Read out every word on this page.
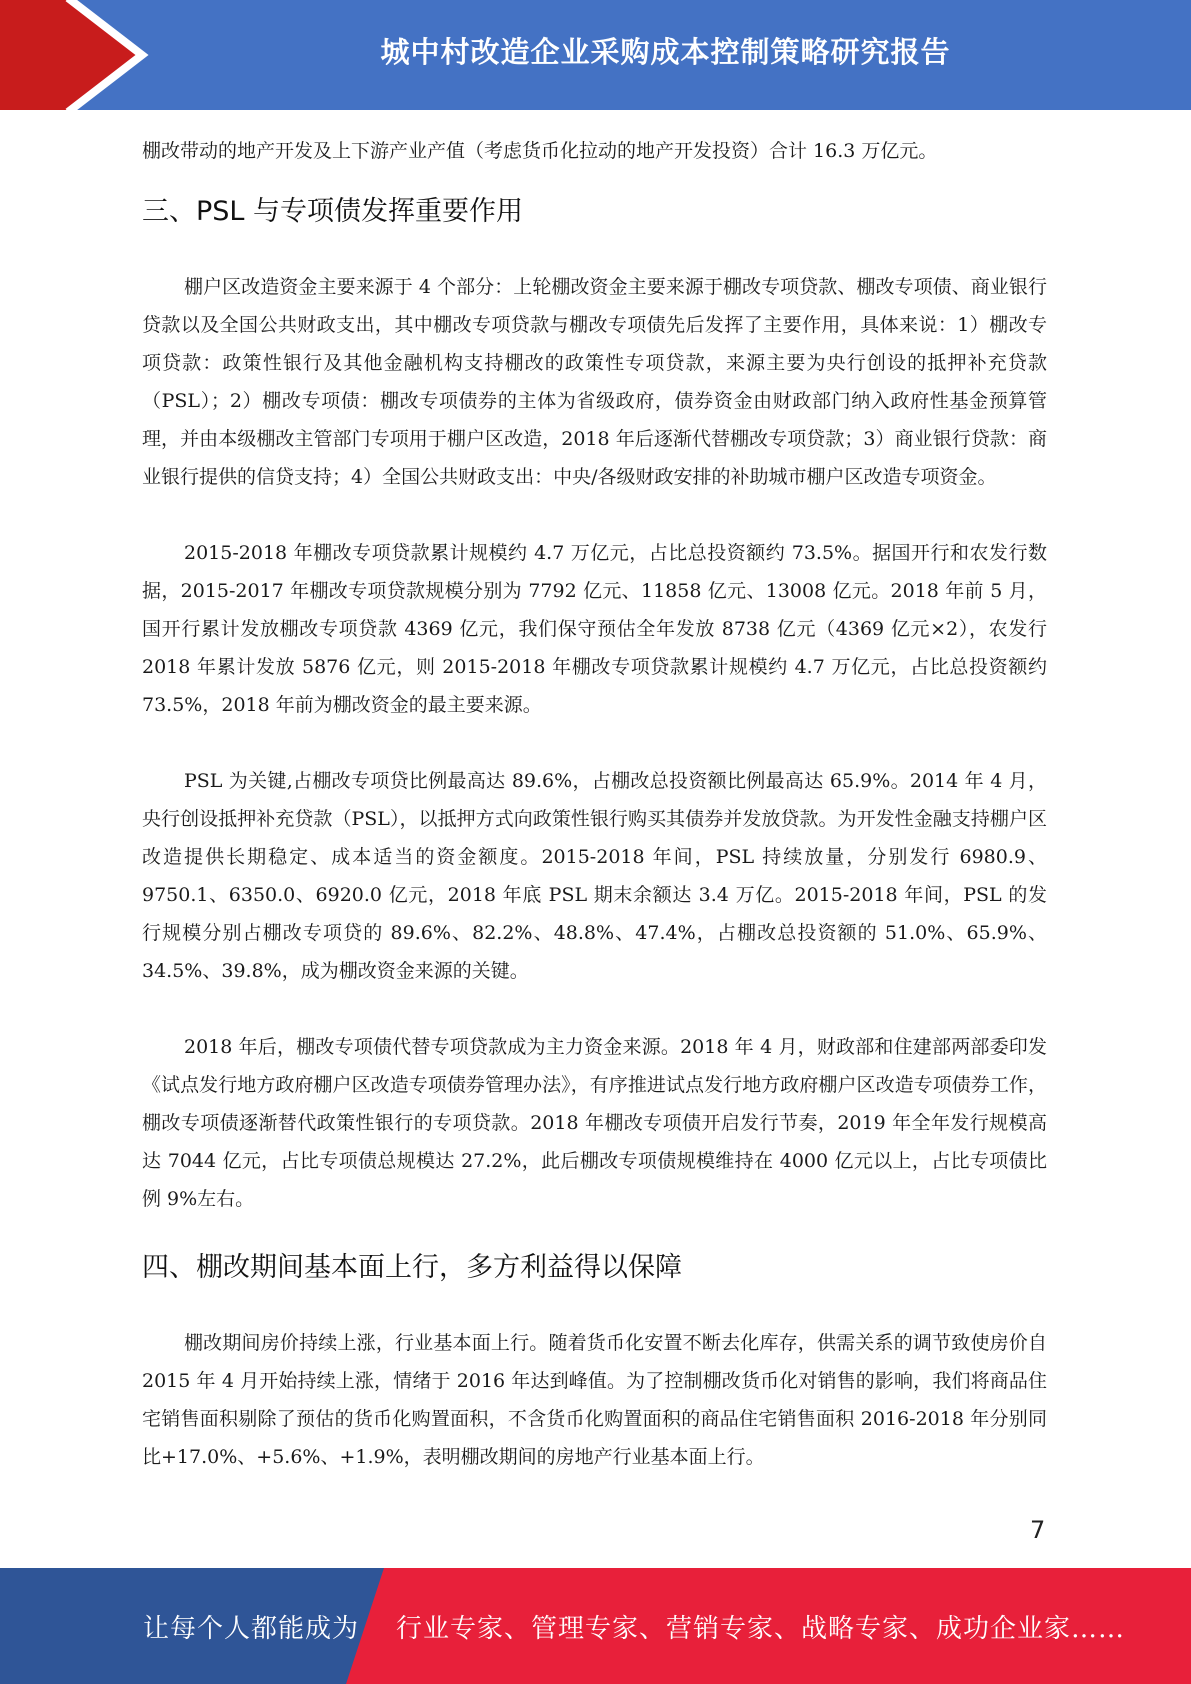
城中村改造企业采购成本控制策略研究报告

棚改带动的地产开发及上下游产业产值（考虑货币化拉动的地产开发投资）合计 16.3 万亿元。

三、PSL 与专项债发挥重要作用

棚户区改造资金主要来源于 4 个部分：上轮棚改资金主要来源于棚改专项贷款、棚改专项债、商业银行贷款以及全国公共财政支出，其中棚改专项贷款与棚改专项债先后发挥了主要作用，具体来说：1）棚改专项贷款：政策性银行及其他金融机构支持棚改的政策性专项贷款，来源主要为央行创设的抵押补充贷款（PSL）；2）棚改专项债：棚改专项债券的主体为省级政府，债券资金由财政部门纳入政府性基金预算管理，并由本级棚改主管部门专项用于棚户区改造，2018 年后逐渐代替棚改专项贷款；3）商业银行贷款：商业银行提供的信贷支持；4）全国公共财政支出：中央/各级财政安排的补助城市棚户区改造专项资金。

2015-2018 年棚改专项贷款累计规模约 4.7 万亿元，占比总投资额约 73.5%。据国开行和农发行数据，2015-2017 年棚改专项贷款规模分别为 7792 亿元、11858 亿元、13008 亿元。2018 年前 5 月，国开行累计发放棚改专项贷款 4369 亿元，我们保守预估全年发放 8738 亿元（4369 亿元×2），农发行 2018 年累计发放 5876 亿元，则 2015-2018 年棚改专项贷款累计规模约 4.7 万亿元，占比总投资额约 73.5%，2018 年前为棚改资金的最主要来源。

PSL 为关键,占棚改专项贷比例最高达 89.6%，占棚改总投资额比例最高达 65.9%。2014 年 4 月，央行创设抵押补充贷款（PSL），以抵押方式向政策性银行购买其债券并发放贷款。为开发性金融支持棚户区改造提供长期稳定、成本适当的资金额度。2015-2018 年间，PSL 持续放量，分别发行 6980.9、9750.1、6350.0、6920.0 亿元，2018 年底 PSL 期末余额达 3.4 万亿。2015-2018 年间，PSL 的发行规模分别占棚改专项贷的 89.6%、82.2%、48.8%、47.4%，占棚改总投资额的 51.0%、65.9%、34.5%、39.8%，成为棚改资金来源的关键。

2018 年后，棚改专项债代替专项贷款成为主力资金来源。2018 年 4 月，财政部和住建部两部委印发《试点发行地方政府棚户区改造专项债券管理办法》，有序推进试点发行地方政府棚户区改造专项债券工作，棚改专项债逐渐替代政策性银行的专项贷款。2018 年棚改专项债开启发行节奏，2019 年全年发行规模高达 7044 亿元，占比专项债总规模达 27.2%，此后棚改专项债规模维持在 4000 亿元以上，占比专项债比例 9%左右。

四、棚改期间基本面上行，多方利益得以保障

棚改期间房价持续上涨，行业基本面上行。随着货币化安置不断去化库存，供需关系的调节致使房价自 2015 年 4 月开始持续上涨，情绪于 2016 年达到峰值。为了控制棚改货币化对销售的影响，我们将商品住宅销售面积剔除了预估的货币化购置面积，不含货币化购置面积的商品住宅销售面积 2016-2018 年分别同比+17.0%、+5.6%、+1.9%，表明棚改期间的房地产行业基本面上行。

7
让每个人都能成为 行业专家、管理专家、营销专家、战略专家、成功企业家……
